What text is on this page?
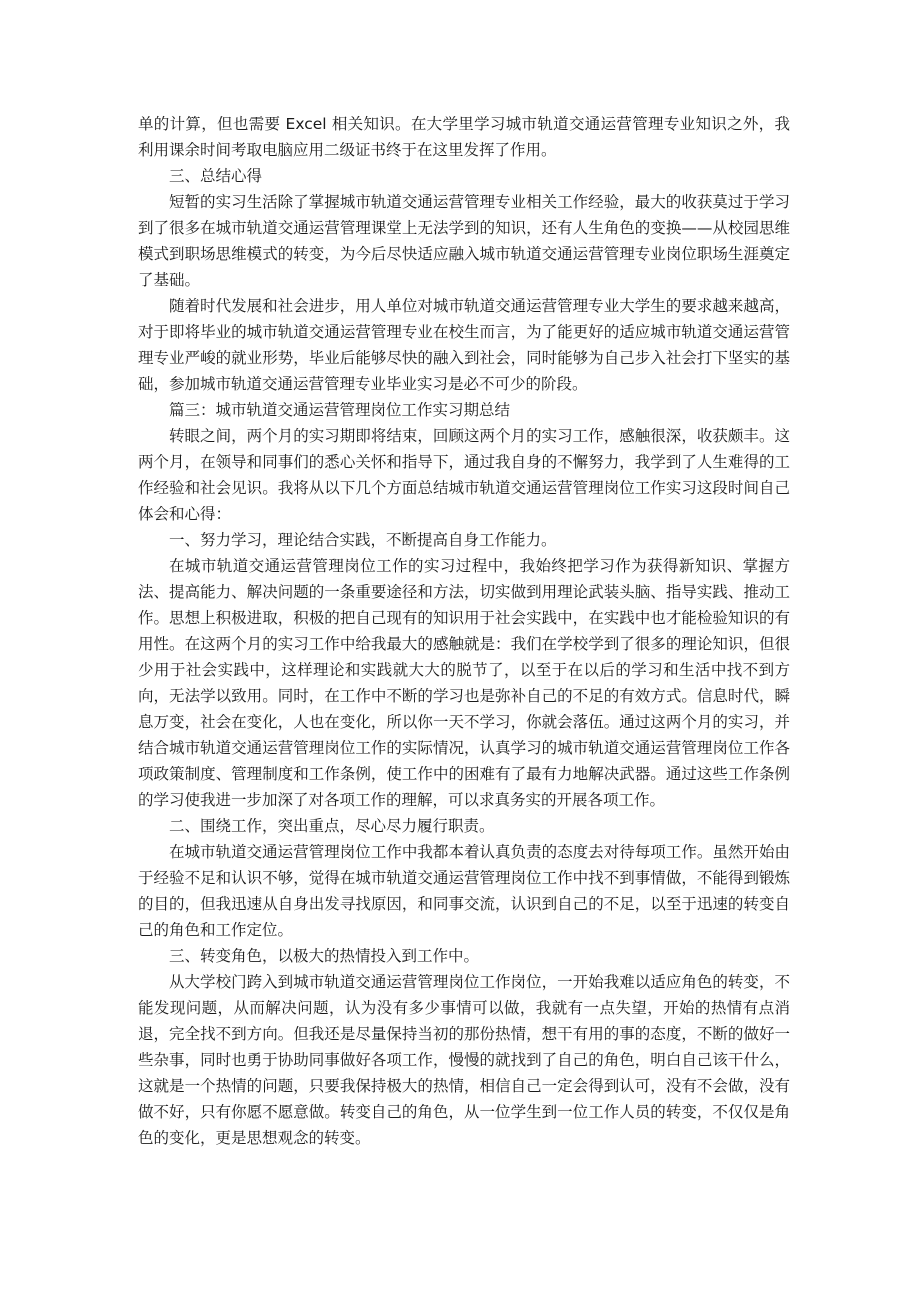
单的计算，但也需要 Excel 相关知识。在大学里学习城市轨道交通运营管理专业知识之外，我利用课余时间考取电脑应用二级证书终于在这里发挥了作用。

三、总结心得

短暂的实习生活除了掌握城市轨道交通运营管理专业相关工作经验，最大的收获莫过于学习到了很多在城市轨道交通运营管理课堂上无法学到的知识，还有人生角色的变换——从校园思维模式到职场思维模式的转变，为今后尽快适应融入城市轨道交通运营管理专业岗位职场生涯奠定了基础。

随着时代发展和社会进步，用人单位对城市轨道交通运营管理专业大学生的要求越来越高，对于即将毕业的城市轨道交通运营管理专业在校生而言，为了能更好的适应城市轨道交通运营管理专业严峻的就业形势，毕业后能够尽快的融入到社会，同时能够为自己步入社会打下坚实的基础，参加城市轨道交通运营管理专业毕业实习是必不可少的阶段。

篇三：城市轨道交通运营管理岗位工作实习期总结

转眼之间，两个月的实习期即将结束，回顾这两个月的实习工作，感触很深，收获颇丰。这两个月，在领导和同事们的悉心关怀和指导下，通过我自身的不懈努力，我学到了人生难得的工作经验和社会见识。我将从以下几个方面总结城市轨道交通运营管理岗位工作实习这段时间自己体会和心得：

一、努力学习，理论结合实践，不断提高自身工作能力。

在城市轨道交通运营管理岗位工作的实习过程中，我始终把学习作为获得新知识、掌握方法、提高能力、解决问题的一条重要途径和方法，切实做到用理论武装头脑、指导实践、推动工作。思想上积极进取，积极的把自己现有的知识用于社会实践中，在实践中也才能检验知识的有用性。在这两个月的实习工作中给我最大的感触就是：我们在学校学到了很多的理论知识，但很少用于社会实践中，这样理论和实践就大大的脱节了，以至于在以后的学习和生活中找不到方向，无法学以致用。同时，在工作中不断的学习也是弥补自己的不足的有效方式。信息时代，瞬息万变，社会在变化，人也在变化，所以你一天不学习，你就会落伍。通过这两个月的实习，并结合城市轨道交通运营管理岗位工作的实际情况，认真学习的城市轨道交通运营管理岗位工作各项政策制度、管理制度和工作条例，使工作中的困难有了最有力地解决武器。通过这些工作条例的学习使我进一步加深了对各项工作的理解，可以求真务实的开展各项工作。

二、围绕工作，突出重点，尽心尽力履行职责。

在城市轨道交通运营管理岗位工作中我都本着认真负责的态度去对待每项工作。虽然开始由于经验不足和认识不够，觉得在城市轨道交通运营管理岗位工作中找不到事情做，不能得到锻炼的目的，但我迅速从自身出发寻找原因，和同事交流，认识到自己的不足，以至于迅速的转变自己的角色和工作定位。

三、转变角色，以极大的热情投入到工作中。

从大学校门跨入到城市轨道交通运营管理岗位工作岗位，一开始我难以适应角色的转变，不能发现问题，从而解决问题，认为没有多少事情可以做，我就有一点失望，开始的热情有点消退，完全找不到方向。但我还是尽量保持当初的那份热情，想干有用的事的态度，不断的做好一些杂事，同时也勇于协助同事做好各项工作，慢慢的就找到了自己的角色，明白自己该干什么，这就是一个热情的问题，只要我保持极大的热情，相信自己一定会得到认可，没有不会做，没有做不好，只有你愿不愿意做。转变自己的角色，从一位学生到一位工作人员的转变，不仅仅是角色的变化，更是思想观念的转变。
